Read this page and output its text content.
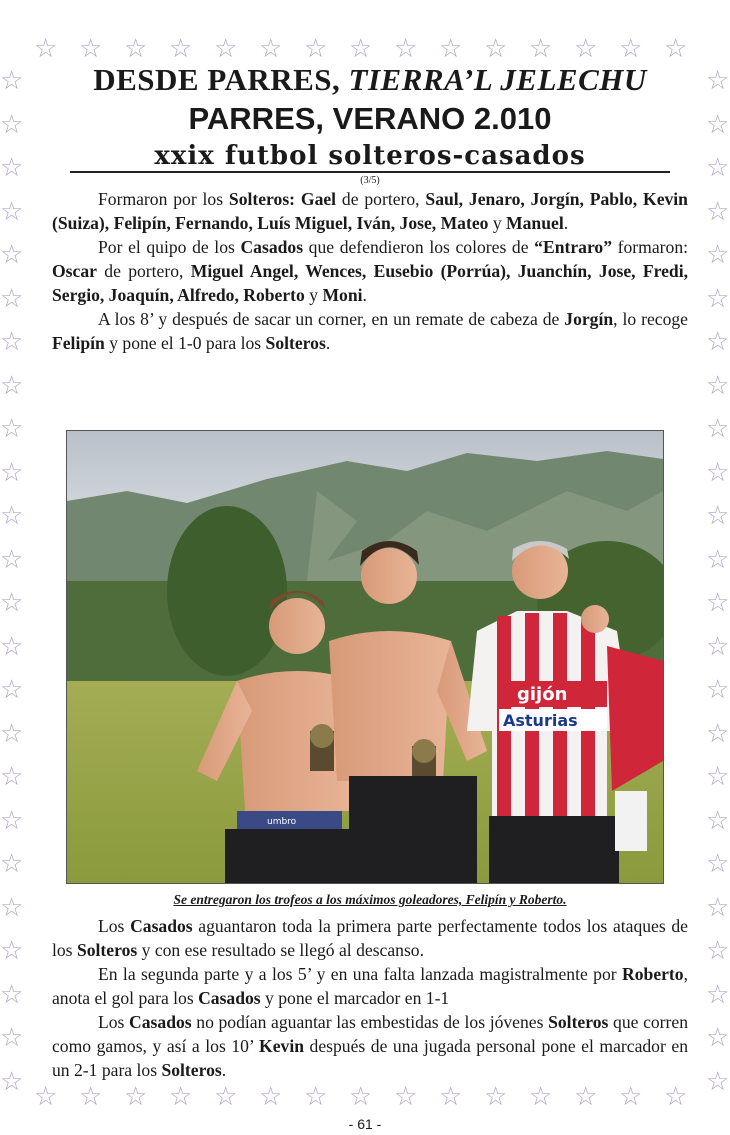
☆ ☆ ☆ ☆ ☆ ☆ ☆ ☆ ☆ ☆ ☆ ☆ ☆ ☆ ☆
☆ ☆ ☆ ☆ ☆ ☆ ☆ ☆ ☆ ☆ ☆ ☆ ☆ ☆ ☆
☆
☆
☆
☆
☆
☆
☆
☆
☆
☆
☆
☆
☆
☆
☆
☆
☆
☆
☆
☆
☆
☆
☆
☆
☆
☆
☆
☆
☆
☆
☆
☆
☆
☆
☆
☆
☆
☆
☆
☆
☆
☆
☆
☆
☆
☆
☆
☆
DESDE PARRES, TIERRA’L JELECHU
PARRES, VERANO 2.010
xxix futbol solteros-casados
(3/5)

Formaron por los Solteros: Gael de portero, Saul, Jenaro, Jorgín, Pablo, Kevin (Suiza), Felipín, Fernando, Luís Miguel, Iván, Jose, Mateo y Manuel.

Por el quipo de los Casados que defendieron los colores de “Entraro” formaron: Oscar de portero, Miguel Angel, Wences, Eusebio (Porrúa), Juanchín, Jose, Fredi, Sergio, Joaquín, Alfredo, Roberto y Moni.

A los 8’ y después de sacar un corner, en un remate de cabeza de Jorgín, lo recoge Felipín y pone el 1-0 para los Solteros.

umbro
gijón
Asturias
Se entregaron los trofeos a los máximos goleadores, Felipín y Roberto.

Los Casados aguantaron toda la primera parte perfectamente todos los ataques de los Solteros y con ese resultado se llegó al descanso.

En la segunda parte y a los 5’ y en una falta lanzada magistralmente por Roberto, anota el gol para los Casados y pone el marcador en 1-1

Los Casados no podían aguantar las embestidas de los jóvenes Solteros que corren como gamos, y así a los 10’ Kevin después de una jugada personal pone el marcador en un 2-1 para los Solteros.

- 61 -
